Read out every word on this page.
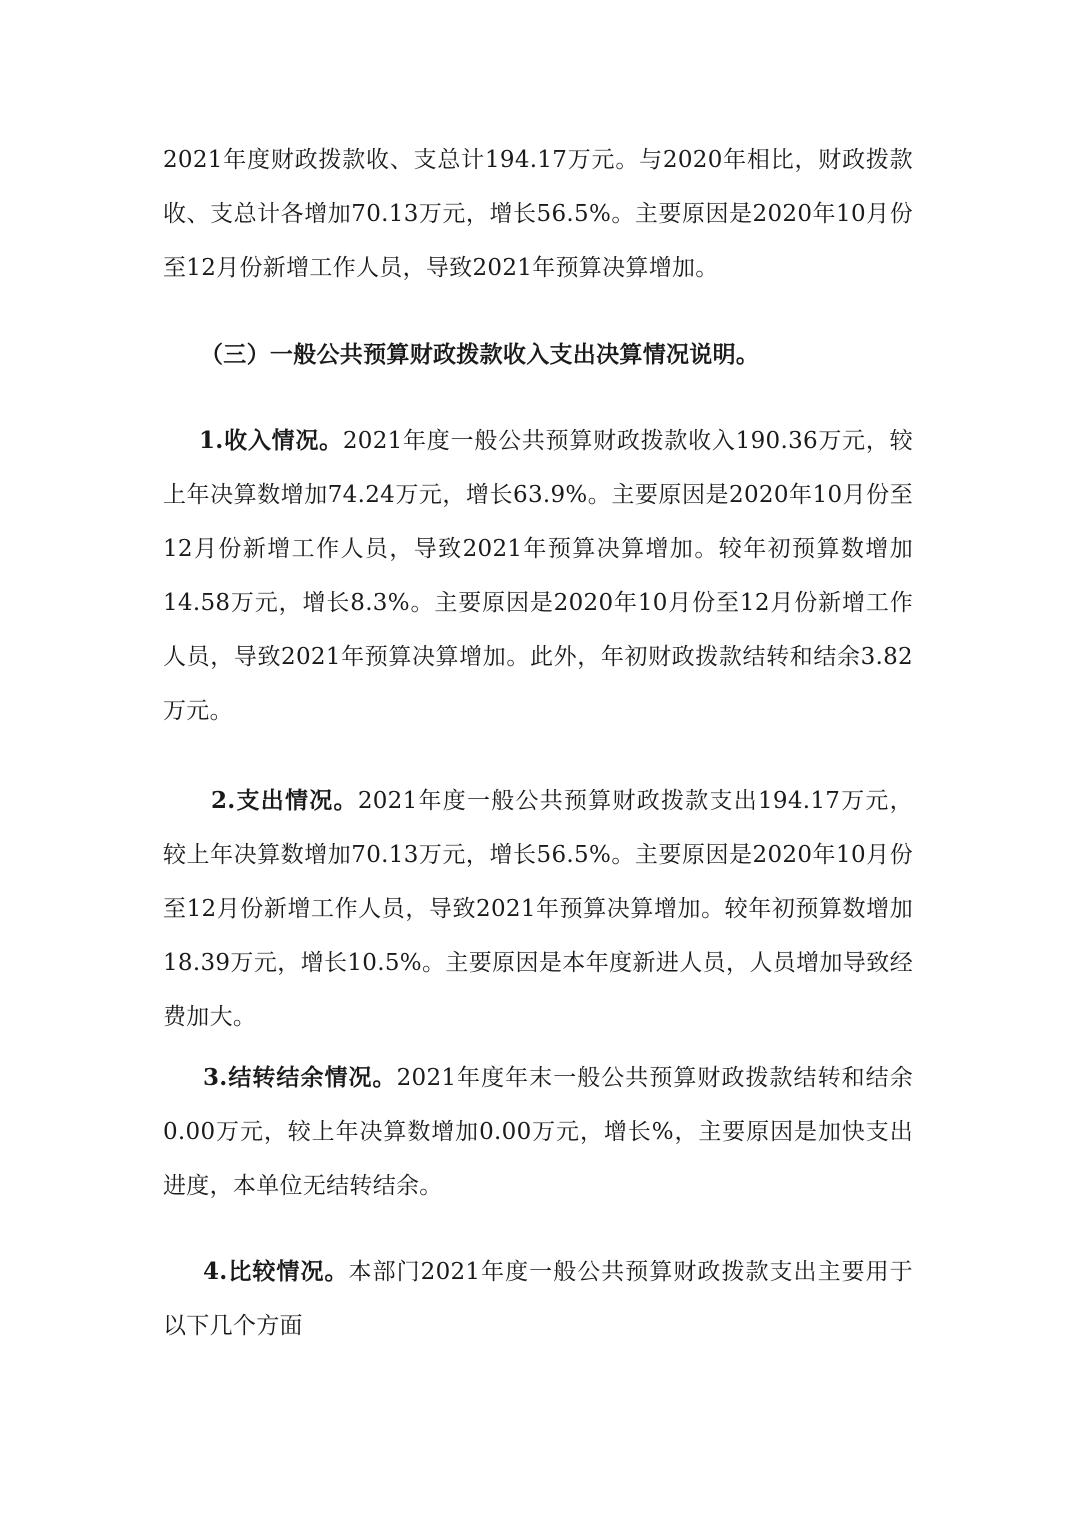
2021年度财政拨款收、支总计194.17万元。与2020年相比，财政拨款收、支总计各增加70.13万元，增长56.5%。主要原因是2020年10月份至12月份新增工作人员，导致2021年预算决算增加。

（三）一般公共预算财政拨款收入支出决算情况说明。

1.收入情况。2021年度一般公共预算财政拨款收入190.36万元，较上年决算数增加74.24万元，增长63.9%。主要原因是2020年10月份至12月份新增工作人员，导致2021年预算决算增加。较年初预算数增加14.58万元，增长8.3%。主要原因是2020年10月份至12月份新增工作人员，导致2021年预算决算增加。此外，年初财政拨款结转和结余3.82万元。

2.支出情况。2021年度一般公共预算财政拨款支出194.17万元，较上年决算数增加70.13万元，增长56.5%。主要原因是2020年10月份至12月份新增工作人员，导致2021年预算决算增加。较年初预算数增加18.39万元，增长10.5%。主要原因是本年度新进人员，人员增加导致经费加大。

3.结转结余情况。2021年度年末一般公共预算财政拨款结转和结余0.00万元，较上年决算数增加0.00万元，增长%，主要原因是加快支出进度，本单位无结转结余。

4.比较情况。本部门2021年度一般公共预算财政拨款支出主要用于以下几个方面
